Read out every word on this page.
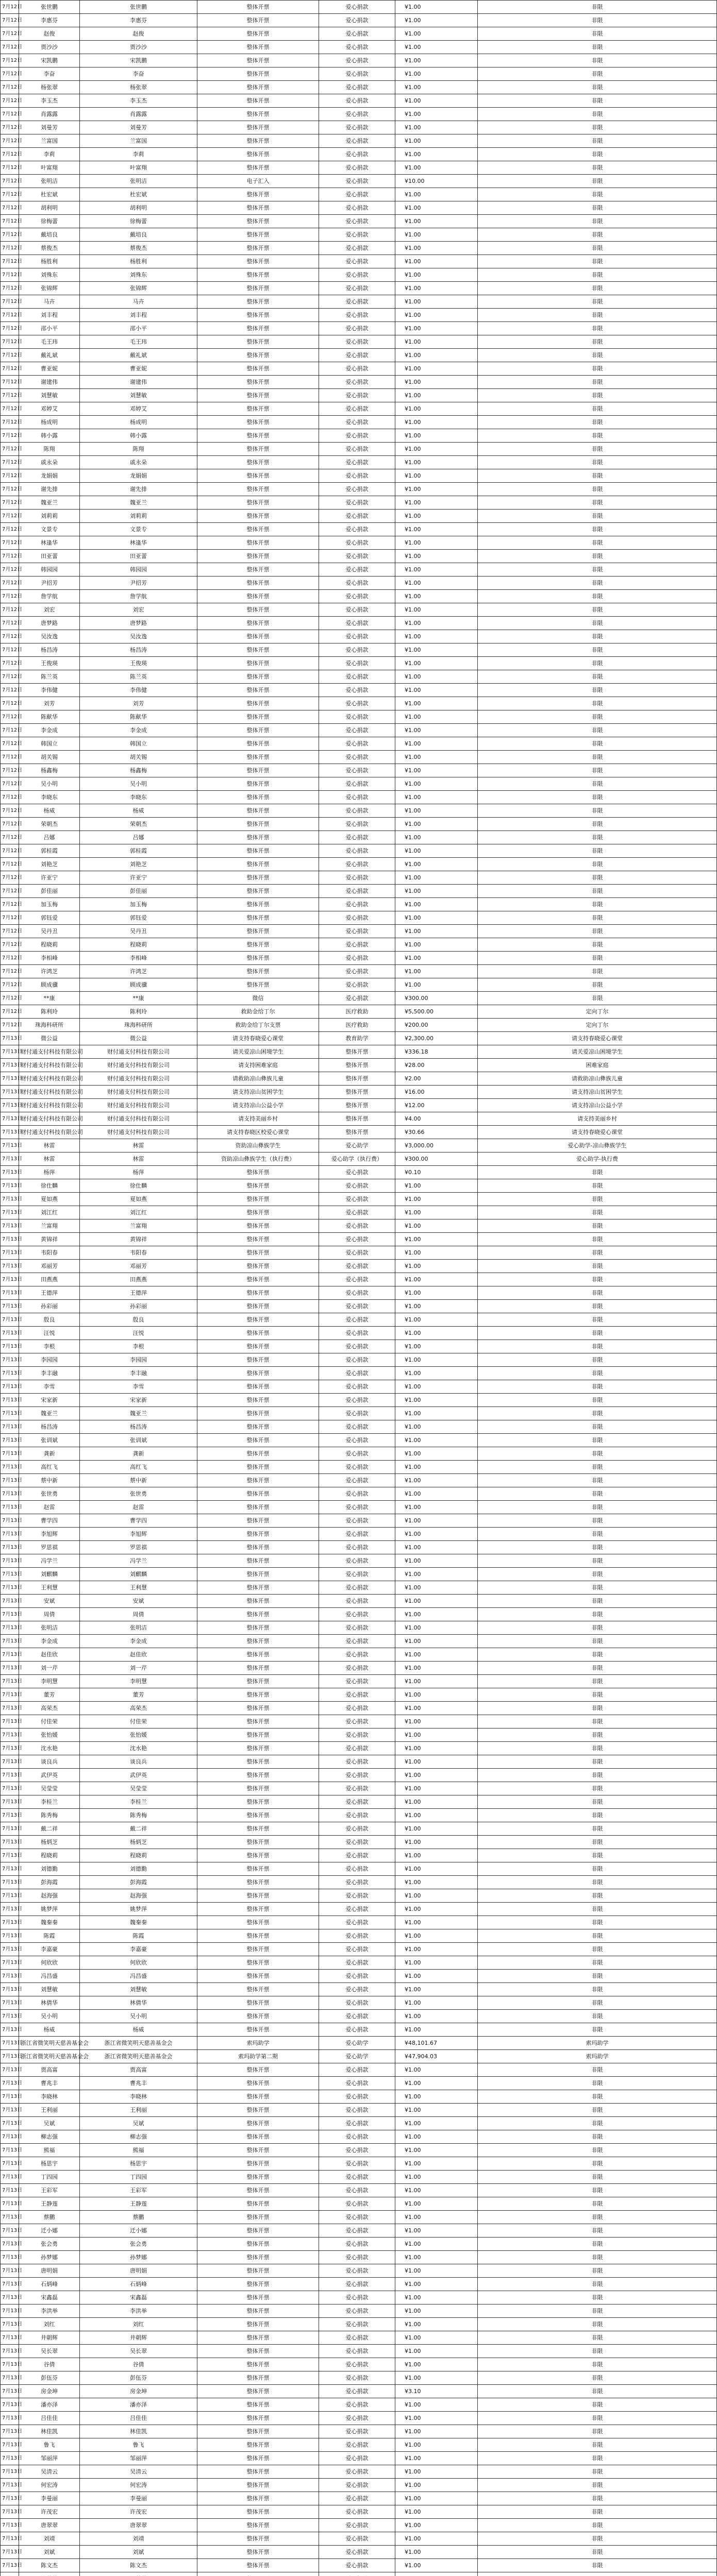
7月12日	张世鹏	张世鹏	整体开票	爱心捐款	¥1.00	非限
7月12日	李惠芬	李惠芬	整体开票	爱心捐款	¥1.00	非限
7月12日	赵俊	赵俊	整体开票	爱心捐款	¥1.00	非限
7月12日	贾沙沙	贾沙沙	整体开票	爱心捐款	¥1.00	非限
7月12日	宋凯鹏	宋凯鹏	整体开票	爱心捐款	¥1.00	非限
7月12日	李奋	李奋	整体开票	爱心捐款	¥1.00	非限
7月12日	杨张翠	杨张翠	整体开票	爱心捐款	¥1.00	非限
7月12日	李玉杰	李玉杰	整体开票	爱心捐款	¥1.00	非限
7月12日	肖露露	肖露露	整体开票	爱心捐款	¥1.00	非限
7月12日	刘曼芳	刘曼芳	整体开票	爱心捐款	¥1.00	非限
7月12日	兰富国	兰富国	整体开票	爱心捐款	¥1.00	非限
7月12日	李莉	李莉	整体开票	爱心捐款	¥1.00	非限
7月12日	叶富翔	叶富翔	整体开票	爱心捐款	¥1.00	非限
7月12日	张明洁	张明洁	电子汇入	爱心捐款	¥10.00	非限
7月12日	杜宏斌	杜宏斌	整体开票	爱心捐款	¥1.00	非限
7月12日	胡利明	胡利明	整体开票	爱心捐款	¥1.00	非限
7月12日	徐梅蕾	徐梅蕾	整体开票	爱心捐款	¥1.00	非限
7月12日	戴培良	戴培良	整体开票	爱心捐款	¥1.00	非限
7月12日	蔡俊杰	蔡俊杰	整体开票	爱心捐款	¥1.00	非限
7月12日	杨胜利	杨胜利	整体开票	爱心捐款	¥1.00	非限
7月12日	刘殊东	刘殊东	整体开票	爱心捐款	¥1.00	非限
7月12日	张锦辉	张锦辉	整体开票	爱心捐款	¥1.00	非限
7月12日	马卉	马卉	整体开票	爱心捐款	¥1.00	非限
7月12日	刘丰程	刘丰程	整体开票	爱心捐款	¥1.00	非限
7月12日	邵小平	邵小平	整体开票	爱心捐款	¥1.00	非限
7月12日	毛王玮	毛王玮	整体开票	爱心捐款	¥1.00	非限
7月12日	戴礼斌	戴礼斌	整体开票	爱心捐款	¥1.00	非限
7月12日	曹亚妮	曹亚妮	整体开票	爱心捐款	¥1.00	非限
7月12日	谢建伟	谢建伟	整体开票	爱心捐款	¥1.00	非限
7月12日	刘慧敏	刘慧敏	整体开票	爱心捐款	¥1.00	非限
7月12日	邓婷艾	邓婷艾	整体开票	爱心捐款	¥1.00	非限
7月12日	杨成明	杨成明	整体开票	爱心捐款	¥1.00	非限
7月12日	韩小露	韩小露	整体开票	爱心捐款	¥1.00	非限
7月12日	陈翔	陈翔	整体开票	爱心捐款	¥1.00	非限
7月12日	戚永朵	戚永朵	整体开票	爱心捐款	¥1.00	非限
7月12日	龙娟娟	龙娟娟	整体开票	爱心捐款	¥1.00	非限
7月12日	谢先排	谢先排	整体开票	爱心捐款	¥1.00	非限
7月12日	魏亚兰	魏亚兰	整体开票	爱心捐款	¥1.00	非限
7月12日	刘莉莉	刘莉莉	整体开票	爱心捐款	¥1.00	非限
7月12日	文景专	文景专	整体开票	爱心捐款	¥1.00	非限
7月12日	林逢华	林逢华	整体开票	爱心捐款	¥1.00	非限
7月12日	田亚蕾	田亚蕾	整体开票	爱心捐款	¥1.00	非限
7月12日	韩园园	韩园园	整体开票	爱心捐款	¥1.00	非限
7月12日	尹招芳	尹招芳	整体开票	爱心捐款	¥1.00	非限
7月12日	詹学航	詹学航	整体开票	爱心捐款	¥1.00	非限
7月12日	刘宏	刘宏	整体开票	爱心捐款	¥1.00	非限
7月12日	唐梦路	唐梦路	整体开票	爱心捐款	¥1.00	非限
7月12日	吴汝逸	吴汝逸	整体开票	爱心捐款	¥1.00	非限
7月12日	杨昌涛	杨昌涛	整体开票	爱心捐款	¥1.00	非限
7月12日	王俊瑛	王俊瑛	整体开票	爱心捐款	¥1.00	非限
7月12日	陈兰英	陈兰英	整体开票	爱心捐款	¥1.00	非限
7月12日	李伟健	李伟健	整体开票	爱心捐款	¥1.00	非限
7月12日	刘芳	刘芳	整体开票	爱心捐款	¥1.00	非限
7月12日	陈献华	陈献华	整体开票	爱心捐款	¥1.00	非限
7月12日	李金成	李金成	整体开票	爱心捐款	¥1.00	非限
7月12日	韩国立	韩国立	整体开票	爱心捐款	¥1.00	非限
7月12日	胡关锡	胡关锡	整体开票	爱心捐款	¥1.00	非限
7月12日	杨鑫梅	杨鑫梅	整体开票	爱心捐款	¥1.00	非限
7月12日	吴小明	吴小明	整体开票	爱心捐款	¥1.00	非限
7月12日	李晓东	李晓东	整体开票	爱心捐款	¥1.00	非限
7月12日	杨威	杨威	整体开票	爱心捐款	¥1.00	非限
7月12日	荣朝杰	荣朝杰	整体开票	爱心捐款	¥1.00	非限
7月12日	吕娜	吕娜	整体开票	爱心捐款	¥1.00	非限
7月12日	郭桂霞	郭桂霞	整体开票	爱心捐款	¥1.00	非限
7月12日	刘艳芝	刘艳芝	整体开票	爱心捐款	¥1.00	非限
7月12日	许亚宁	许亚宁	整体开票	爱心捐款	¥1.00	非限
7月12日	彭佳丽	彭佳丽	整体开票	爱心捐款	¥1.00	非限
7月12日	加玉梅	加玉梅	整体开票	爱心捐款	¥1.00	非限
7月12日	郭钰爱	郭钰爱	整体开票	爱心捐款	¥1.00	非限
7月12日	吴丹丑	吴丹丑	整体开票	爱心捐款	¥1.00	非限
7月12日	程晓莉	程晓莉	整体开票	爱心捐款	¥1.00	非限
7月12日	李相峰	李相峰	整体开票	爱心捐款	¥1.00	非限
7月12日	许鸿芝	许鸿芝	整体开票	爱心捐款	¥1.00	非限
7月12日	顾成骥	顾成骥	整体开票	爱心捐款	¥1.00	非限
7月12日	**康	**康	微信	爱心捐款	¥300.00	非限
7月12日	陈利玲	陈利玲	救助金给丁尔	医疗救助	¥5,500.00	定向丁尔
7月12日	珠海科研所	珠海科研所	救助金给丁尔支票	医疗救助	¥200.00	定向丁尔
7月13日	微公益	微公益	请支持春晓爱心课堂	教育助学	¥2,300.00	请支持春晓爱心课堂
7月13日	财付通支付科技有限公司	财付通支付科技有限公司	请关爱凉山困境学生	整体开票	¥336.18	请关爱凉山困境学生
7月13日	财付通支付科技有限公司	财付通支付科技有限公司	请支持困难家庭	整体开票	¥28.00	困难家庭
7月13日	财付通支付科技有限公司	财付通支付科技有限公司	请救助凉山彝族儿童	整体开票	¥2.00	请救助凉山彝族儿童
7月13日	财付通支付科技有限公司	财付通支付科技有限公司	请支持凉山贫困学生	整体开票	¥16.00	请支持凉山贫困学生
7月13日	财付通支付科技有限公司	财付通支付科技有限公司	请支持凉山公益小学	整体开票	¥12.00	请支持凉山公益小学
7月13日	财付通支付科技有限公司	财付通支付科技有限公司	请支持美丽乡村	整体开票	¥4.00	请支持美丽乡村
7月13日	财付通支付科技有限公司	财付通支付科技有限公司	请支持春晓区校爱心课堂	整体开票	¥30.66	请支持春晓爱心课堂
7月13日	林雷	林雷	资助凉山彝族学生	爱心助学	¥3,000.00	爱心助学-凉山彝族学生
7月13日	林雷	林雷	资助凉山彝族学生（执行费）	爱心助学（执行费）	¥300.00	爱心助学-执行费
7月13日	杨萍	杨萍	整体开票	爱心捐款	¥0.10	非限
7月13日	徐仕麟	徐仕麟	整体开票	爱心捐款	¥1.00	非限
7月13日	夏如燕	夏如燕	整体开票	爱心捐款	¥1.00	非限
7月13日	刘江红	刘江红	整体开票	爱心捐款	¥1.00	非限
7月13日	兰富翔	兰富翔	整体开票	爱心捐款	¥1.00	非限
7月13日	黄锦祥	黄锦祥	整体开票	爱心捐款	¥1.00	非限
7月13日	韦阳春	韦阳春	整体开票	爱心捐款	¥1.00	非限
7月13日	邓丽芳	邓丽芳	整体开票	爱心捐款	¥1.00	非限
7月13日	田燕燕	田燕燕	整体开票	爱心捐款	¥1.00	非限
7月13日	王德萍	王德萍	整体开票	爱心捐款	¥1.00	非限
7月13日	孙彩丽	孙彩丽	整体开票	爱心捐款	¥1.00	非限
7月13日	殷良	殷良	整体开票	爱心捐款	¥1.00	非限
7月13日	汪悦	汪悦	整体开票	爱心捐款	¥1.00	非限
7月13日	李根	李根	整体开票	爱心捐款	¥1.00	非限
7月13日	李园园	李园园	整体开票	爱心捐款	¥1.00	非限
7月13日	李丰融	李丰融	整体开票	爱心捐款	¥1.00	非限
7月13日	李雪	李雪	整体开票	爱心捐款	¥1.00	非限
7月13日	宋家新	宋家新	整体开票	爱心捐款	¥1.00	非限
7月13日	魏亚兰	魏亚兰	整体开票	爱心捐款	¥1.00	非限
7月13日	杨昌涛	杨昌涛	整体开票	爱心捐款	¥1.00	非限
7月13日	张训斌	张训斌	整体开票	爱心捐款	¥1.00	非限
7月13日	龚新	龚新	整体开票	爱心捐款	¥1.00	非限
7月13日	高红飞	高红飞	整体开票	爱心捐款	¥1.00	非限
7月13日	蔡中新	蔡中新	整体开票	爱心捐款	¥1.00	非限
7月13日	张世勇	张世勇	整体开票	爱心捐款	¥1.00	非限
7月13日	赵雷	赵雷	整体开票	爱心捐款	¥1.00	非限
7月13日	曹学四	曹学四	整体开票	爱心捐款	¥1.00	非限
7月13日	李旭辉	李旭辉	整体开票	爱心捐款	¥1.00	非限
7月13日	罗思祺	罗思祺	整体开票	爱心捐款	¥1.00	非限
7月13日	冯学兰	冯学兰	整体开票	爱心捐款	¥1.00	非限
7月13日	刘麒麟	刘麒麟	整体开票	爱心捐款	¥1.00	非限
7月13日	王利慧	王利慧	整体开票	爱心捐款	¥1.00	非限
7月13日	安斌	安斌	整体开票	爱心捐款	¥1.00	非限
7月13日	周倩	周倩	整体开票	爱心捐款	¥1.00	非限
7月13日	张明洁	张明洁	整体开票	爱心捐款	¥1.00	非限
7月13日	李金成	李金成	整体开票	爱心捐款	¥1.00	非限
7月13日	赵佳欣	赵佳欣	整体开票	爱心捐款	¥1.00	非限
7月13日	刘一芹	刘一芹	整体开票	爱心捐款	¥1.00	非限
7月13日	李明慧	李明慧	整体开票	爱心捐款	¥1.00	非限
7月13日	董芳	董芳	整体开票	爱心捐款	¥1.00	非限
7月13日	高荣杰	高荣杰	整体开票	爱心捐款	¥1.00	非限
7月13日	付佳荣	付佳荣	整体开票	爱心捐款	¥1.00	非限
7月13日	张怡媛	张怡媛	整体开票	爱心捐款	¥1.00	非限
7月13日	沈水艳	沈水艳	整体开票	爱心捐款	¥1.00	非限
7月13日	谈良兵	谈良兵	整体开票	爱心捐款	¥1.00	非限
7月13日	武伊英	武伊英	整体开票	爱心捐款	¥1.00	非限
7月13日	吴莹莹	吴莹莹	整体开票	爱心捐款	¥1.00	非限
7月13日	李桂兰	李桂兰	整体开票	爱心捐款	¥1.00	非限
7月13日	陈秀梅	陈秀梅	整体开票	爱心捐款	¥1.00	非限
7月13日	戴二祥	戴二祥	整体开票	爱心捐款	¥1.00	非限
7月13日	杨炳芝	杨炳芝	整体开票	爱心捐款	¥1.00	非限
7月13日	程晓莉	程晓莉	整体开票	爱心捐款	¥1.00	非限
7月13日	刘德勤	刘德勤	整体开票	爱心捐款	¥1.00	非限
7月13日	彭海霞	彭海霞	整体开票	爱心捐款	¥1.00	非限
7月13日	赵海强	赵海强	整体开票	爱心捐款	¥1.00	非限
7月13日	姚梦萍	姚梦萍	整体开票	爱心捐款	¥1.00	非限
7月13日	魏秦秦	魏秦秦	整体开票	爱心捐款	¥1.00	非限
7月13日	陈霞	陈霞	整体开票	爱心捐款	¥1.00	非限
7月13日	李嘉豪	李嘉豪	整体开票	爱心捐款	¥1.00	非限
7月13日	何欣欣	何欣欣	整体开票	爱心捐款	¥1.00	非限
7月13日	冯昌盛	冯昌盛	整体开票	爱心捐款	¥1.00	非限
7月13日	刘慧敏	刘慧敏	整体开票	爱心捐款	¥1.00	非限
7月13日	林倩华	林倩华	整体开票	爱心捐款	¥1.00	非限
7月13日	吴小明	吴小明	整体开票	爱心捐款	¥1.00	非限
7月13日	杨威	杨威	整体开票	爱心捐款	¥1.00	非限
7月13日	浙江省微笑明天慈善基金会	浙江省微笑明天慈善基金会	索玛助学	爱心助学	¥48,101.67	索玛助学
7月13日	浙江省微笑明天慈善基金会	浙江省微笑明天慈善基金会	索玛助学第二期	爱心助学	¥47,904.03	索玛助学
7月13日	贾高富	贾高富	整体开票	爱心捐款	¥1.00	非限
7月13日	曹兆丰	曹兆丰	整体开票	爱心捐款	¥1.00	非限
7月13日	李晓林	李晓林	整体开票	爱心捐款	¥1.00	非限
7月13日	王利丽	王利丽	整体开票	爱心捐款	¥1.00	非限
7月13日	吴斌	吴斌	整体开票	爱心捐款	¥1.00	非限
7月13日	柳志强	柳志强	整体开票	爱心捐款	¥1.00	非限
7月13日	熊福	熊福	整体开票	爱心捐款	¥1.00	非限
7月13日	杨思宇	杨思宇	整体开票	爱心捐款	¥1.00	非限
7月13日	丁四园	丁四园	整体开票	爱心捐款	¥1.00	非限
7月13日	王彩军	王彩军	整体开票	爱心捐款	¥1.00	非限
7月13日	王静莲	王静莲	整体开票	爱心捐款	¥1.00	非限
7月13日	蔡鹏	蔡鹏	整体开票	爱心捐款	¥1.00	非限
7月13日	迁小娜	迁小娜	整体开票	爱心捐款	¥1.00	非限
7月13日	张会勇	张会勇	整体开票	爱心捐款	¥1.00	非限
7月13日	孙梦娜	孙梦娜	整体开票	爱心捐款	¥1.00	非限
7月13日	唐明娟	唐明娟	整体开票	爱心捐款	¥1.00	非限
7月13日	石炳峰	石炳峰	整体开票	爱心捐款	¥1.00	非限
7月13日	宋鑫磊	宋鑫磊	整体开票	爱心捐款	¥1.00	非限
7月13日	李洪举	李洪举	整体开票	爱心捐款	¥1.00	非限
7月13日	刘红	刘红	整体开票	爱心捐款	¥1.00	非限
7月13日	井朝辉	井朝辉	整体开票	爱心捐款	¥1.00	非限
7月13日	吴长翠	吴长翠	整体开票	爱心捐款	¥1.00	非限
7月13日	谷倩	谷倩	整体开票	爱心捐款	¥1.00	非限
7月13日	彭伍芬	彭伍芬	整体开票	爱心捐款	¥1.00	非限
7月13日	房金坤	房金坤	整体开票	爱心捐款	¥3.10	非限
7月13日	潘亦泽	潘亦泽	整体开票	爱心捐款	¥1.00	非限
7月13日	吕佳佳	吕佳佳	整体开票	爱心捐款	¥1.00	非限
7月13日	林佳凯	林佳凯	整体开票	爱心捐款	¥1.00	非限
7月13日	鲁飞	鲁飞	整体开票	爱心捐款	¥1.00	非限
7月13日	邹丽萍	邹丽萍	整体开票	爱心捐款	¥1.00	非限
7月13日	吴清云	吴清云	整体开票	爱心捐款	¥1.00	非限
7月13日	何宏涛	何宏涛	整体开票	爱心捐款	¥1.00	非限
7月13日	李曼丽	李曼丽	整体开票	爱心捐款	¥1.00	非限
7月13日	许茂宏	许茂宏	整体开票	爱心捐款	¥1.00	非限
7月13日	唐翠翠	唐翠翠	整体开票	爱心捐款	¥1.00	非限
7月13日	刘靖	刘靖	整体开票	爱心捐款	¥1.00	非限
7月13日	刘斌	刘斌	整体开票	爱心捐款	¥1.00	非限
7月13日	陈文杰	陈文杰	整体开票	爱心捐款	¥1.00	非限
